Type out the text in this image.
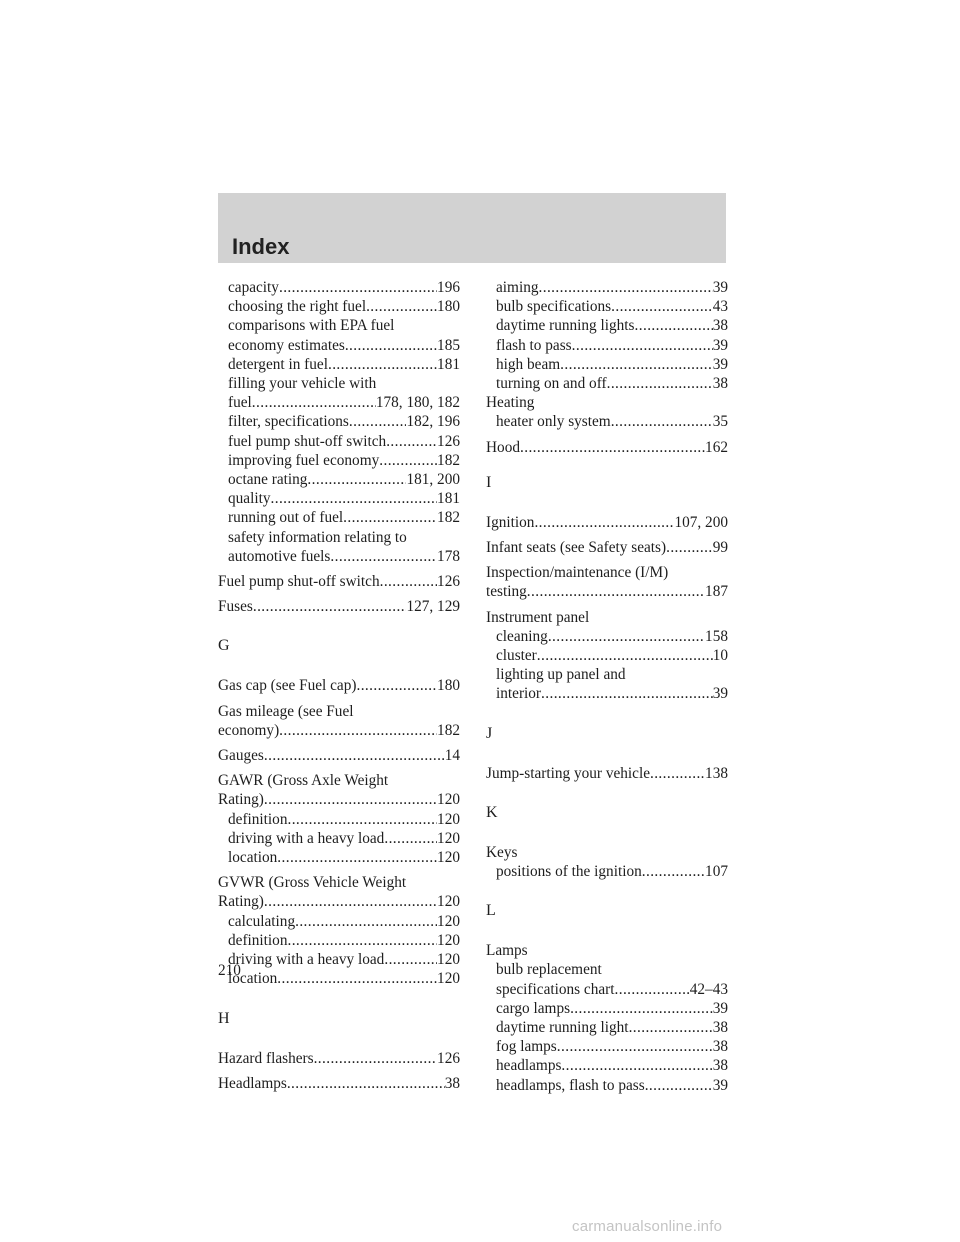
Index
capacity .....	196
choosing the right fuel .....	180
comparisons with EPA fuel
economy estimates .....	185
detergent in fuel .....	181
filling your vehicle with
fuel .....	178, 180, 182
filter, specifications .....	182, 196
fuel pump shut-off switch .....	126
improving fuel economy .....	182
octane rating .....	181, 200
quality .....	181
running out of fuel .....	182
safety information relating to
automotive fuels .....	178
Fuel pump shut-off switch .....	126
Fuses .....	127, 129
G
Gas cap (see Fuel cap) .....	180
Gas mileage (see Fuel
economy) .....	182
Gauges .....	14
GAWR (Gross Axle Weight
Rating) .....	120
definition .....	120
driving with a heavy load .....	120
location .....	120
GVWR (Gross Vehicle Weight
Rating) .....	120
calculating .....	120
definition .....	120
driving with a heavy load .....	120
location .....	120
H
Hazard flashers .....	126
Headlamps .....	38
aiming .....	39
bulb specifications .....	43
daytime running lights .....	38
flash to pass .....	39
high beam .....	39
turning on and off .....	38
Heating
heater only system .....	35
Hood .....	162
I
Ignition .....	107, 200
Infant seats (see Safety seats) .....	99
Inspection/maintenance (I/M)
testing .....	187
Instrument panel
cleaning .....	158
cluster .....	10
lighting up panel and
interior .....	39
J
Jump-starting your vehicle .....	138
K
Keys
positions of the ignition .....	107
L
Lamps
bulb replacement
specifications chart .....	42–43
cargo lamps .....	39
daytime running light .....	38
fog lamps .....	38
headlamps .....	38
headlamps, flash to pass .....	39
210
carmanualsonline.info
